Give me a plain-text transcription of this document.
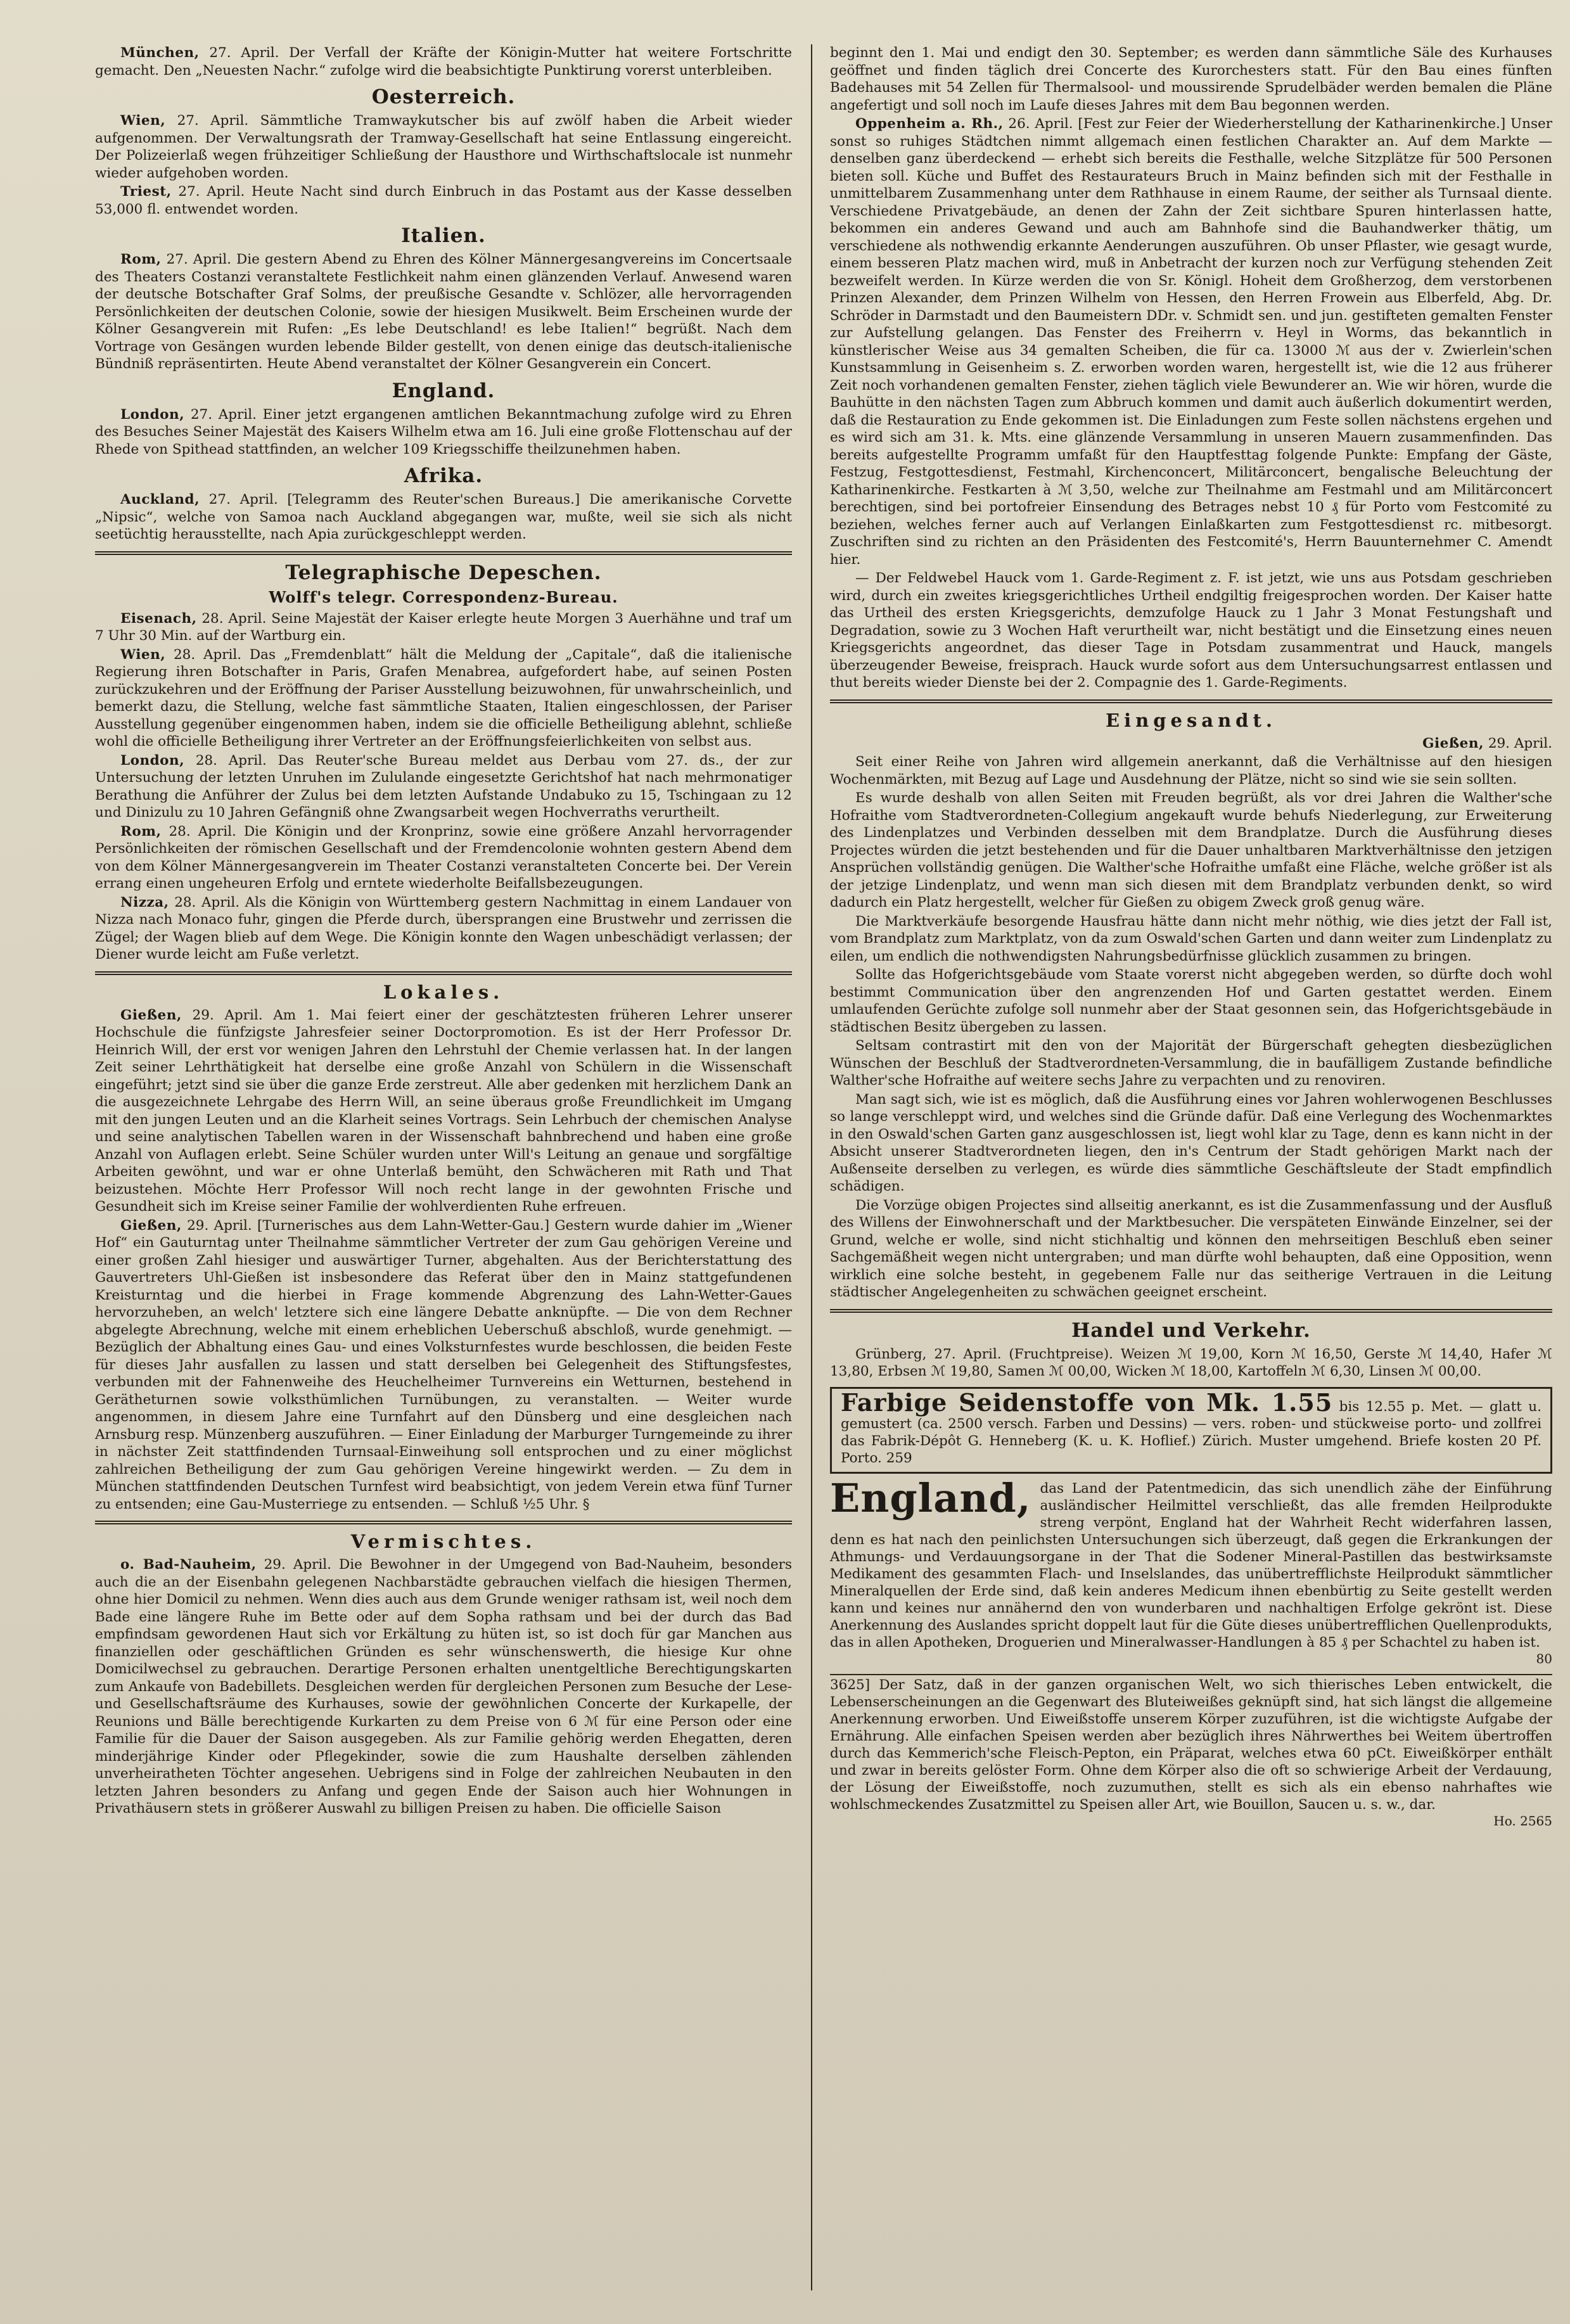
München, 27. April. Der Verfall der Kräfte der Königin-Mutter hat weitere Fortschritte gemacht. Den „Neuesten Nachr.“ zufolge wird die beabsichtigte Punktirung vorerst unterbleiben.

Oesterreich.

Wien, 27. April. Sämmtliche Tramwaykutscher bis auf zwölf haben die Arbeit wieder aufgenommen. Der Verwaltungsrath der Tramway-Gesellschaft hat seine Entlassung eingereicht. Der Polizeierlaß wegen frühzeitiger Schließung der Hausthore und Wirthschaftslocale ist nunmehr wieder aufgehoben worden.

Triest, 27. April. Heute Nacht sind durch Einbruch in das Postamt aus der Kasse desselben 53,000 fl. entwendet worden.

Italien.

Rom, 27. April. Die gestern Abend zu Ehren des Kölner Männergesangvereins im Concertsaale des Theaters Costanzi veranstaltete Festlichkeit nahm einen glänzenden Verlauf. Anwesend waren der deutsche Botschafter Graf Solms, der preußische Gesandte v. Schlözer, alle hervorragenden Persönlichkeiten der deutschen Colonie, sowie der hiesigen Musikwelt. Beim Erscheinen wurde der Kölner Gesangverein mit Rufen: „Es lebe Deutschland! es lebe Italien!“ begrüßt. Nach dem Vortrage von Gesängen wurden lebende Bilder gestellt, von denen einige das deutsch-italienische Bündniß repräsentirten. Heute Abend veranstaltet der Kölner Gesangverein ein Concert.

England.

London, 27. April. Einer jetzt ergangenen amtlichen Bekanntmachung zufolge wird zu Ehren des Besuches Seiner Majestät des Kaisers Wilhelm etwa am 16. Juli eine große Flottenschau auf der Rhede von Spithead stattfinden, an welcher 109 Kriegsschiffe theilzunehmen haben.

Afrika.

Auckland, 27. April. [Telegramm des Reuter'schen Bureaus.] Die amerikanische Corvette „Nipsic“, welche von Samoa nach Auckland abgegangen war, mußte, weil sie sich als nicht seetüchtig herausstellte, nach Apia zurückgeschleppt werden.

Telegraphische Depeschen.
Wolff's telegr. Correspondenz-Bureau.

Eisenach, 28. April. Seine Majestät der Kaiser erlegte heute Morgen 3 Auerhähne und traf um 7 Uhr 30 Min. auf der Wartburg ein.

Wien, 28. April. Das „Fremdenblatt“ hält die Meldung der „Capitale“, daß die italienische Regierung ihren Botschafter in Paris, Grafen Menabrea, aufgefordert habe, auf seinen Posten zurückzukehren und der Eröffnung der Pariser Ausstellung beizuwohnen, für unwahrscheinlich, und bemerkt dazu, die Stellung, welche fast sämmtliche Staaten, Italien eingeschlossen, der Pariser Ausstellung gegenüber eingenommen haben, indem sie die officielle Betheiligung ablehnt, schließe wohl die officielle Betheiligung ihrer Vertreter an der Eröffnungsfeierlichkeiten von selbst aus.

London, 28. April. Das Reuter'sche Bureau meldet aus Derbau vom 27. ds., der zur Untersuchung der letzten Unruhen im Zululande eingesetzte Gerichtshof hat nach mehrmonatiger Berathung die Anführer der Zulus bei dem letzten Aufstande Undabuko zu 15, Tschingaan zu 12 und Dinizulu zu 10 Jahren Gefängniß ohne Zwangsarbeit wegen Hochverraths verurtheilt.

Rom, 28. April. Die Königin und der Kronprinz, sowie eine größere Anzahl hervorragender Persönlichkeiten der römischen Gesellschaft und der Fremdencolonie wohnten gestern Abend dem von dem Kölner Männergesangverein im Theater Costanzi veranstalteten Concerte bei. Der Verein errang einen ungeheuren Erfolg und erntete wiederholte Beifallsbezeugungen.

Nizza, 28. April. Als die Königin von Württemberg gestern Nachmittag in einem Landauer von Nizza nach Monaco fuhr, gingen die Pferde durch, übersprangen eine Brustwehr und zerrissen die Zügel; der Wagen blieb auf dem Wege. Die Königin konnte den Wagen unbeschädigt verlassen; der Diener wurde leicht am Fuße verletzt.

Lokales.

Gießen, 29. April. Am 1. Mai feiert einer der geschätztesten früheren Lehrer unserer Hochschule die fünfzigste Jahresfeier seiner Doctorpromotion. Es ist der Herr Professor Dr. Heinrich Will, der erst vor wenigen Jahren den Lehrstuhl der Chemie verlassen hat. In der langen Zeit seiner Lehrthätigkeit hat derselbe eine große Anzahl von Schülern in die Wissenschaft eingeführt; jetzt sind sie über die ganze Erde zerstreut. Alle aber gedenken mit herzlichem Dank an die ausgezeichnete Lehrgabe des Herrn Will, an seine überaus große Freundlichkeit im Umgang mit den jungen Leuten und an die Klarheit seines Vortrags. Sein Lehrbuch der chemischen Analyse und seine analytischen Tabellen waren in der Wissenschaft bahnbrechend und haben eine große Anzahl von Auflagen erlebt. Seine Schüler wurden unter Will's Leitung an genaue und sorgfältige Arbeiten gewöhnt, und war er ohne Unterlaß bemüht, den Schwächeren mit Rath und That beizustehen. Möchte Herr Professor Will noch recht lange in der gewohnten Frische und Gesundheit sich im Kreise seiner Familie der wohlverdienten Ruhe erfreuen.

Gießen, 29. April. [Turnerisches aus dem Lahn-Wetter-Gau.] Gestern wurde dahier im „Wiener Hof“ ein Gauturntag unter Theilnahme sämmtlicher Vertreter der zum Gau gehörigen Vereine und einer großen Zahl hiesiger und auswärtiger Turner, abgehalten. Aus der Berichterstattung des Gauvertreters Uhl-Gießen ist insbesondere das Referat über den in Mainz stattgefundenen Kreisturntag und die hierbei in Frage kommende Abgrenzung des Lahn-Wetter-Gaues hervorzuheben, an welch' letztere sich eine längere Debatte anknüpfte. — Die von dem Rechner abgelegte Abrechnung, welche mit einem erheblichen Ueberschuß abschloß, wurde genehmigt. — Bezüglich der Abhaltung eines Gau- und eines Volksturnfestes wurde beschlossen, die beiden Feste für dieses Jahr ausfallen zu lassen und statt derselben bei Gelegenheit des Stiftungsfestes, verbunden mit der Fahnenweihe des Heuchelheimer Turnvereins ein Wetturnen, bestehend in Gerätheturnen sowie volksthümlichen Turnübungen, zu veranstalten. — Weiter wurde angenommen, in diesem Jahre eine Turnfahrt auf den Dünsberg und eine desgleichen nach Arnsburg resp. Münzenberg auszuführen. — Einer Einladung der Marburger Turngemeinde zu ihrer in nächster Zeit stattfindenden Turnsaal-Einweihung soll entsprochen und zu einer möglichst zahlreichen Betheiligung der zum Gau gehörigen Vereine hingewirkt werden. — Zu dem in München stattfindenden Deutschen Turnfest wird beabsichtigt, von jedem Verein etwa fünf Turner zu entsenden; eine Gau-Musterriege zu entsenden. — Schluß ½5 Uhr. §

Vermischtes.

o. Bad-Nauheim, 29. April. Die Bewohner in der Umgegend von Bad-Nauheim, besonders auch die an der Eisenbahn gelegenen Nachbarstädte gebrauchen vielfach die hiesigen Thermen, ohne hier Domicil zu nehmen. Wenn dies auch aus dem Grunde weniger rathsam ist, weil noch dem Bade eine längere Ruhe im Bette oder auf dem Sopha rathsam und bei der durch das Bad empfindsam gewordenen Haut sich vor Erkältung zu hüten ist, so ist doch für gar Manchen aus finanziellen oder geschäftlichen Gründen es sehr wünschenswerth, die hiesige Kur ohne Domicilwechsel zu gebrauchen. Derartige Personen erhalten unentgeltliche Berechtigungskarten zum Ankaufe von Badebillets. Desgleichen werden für dergleichen Personen zum Besuche der Lese- und Gesellschaftsräume des Kurhauses, sowie der gewöhnlichen Concerte der Kurkapelle, der Reunions und Bälle berechtigende Kurkarten zu dem Preise von 6 ℳ für eine Person oder eine Familie für die Dauer der Saison ausgegeben. Als zur Familie gehörig werden Ehegatten, deren minderjährige Kinder oder Pflegekinder, sowie die zum Haushalte derselben zählenden unverheiratheten Töchter angesehen. Uebrigens sind in Folge der zahlreichen Neubauten in den letzten Jahren besonders zu Anfang und gegen Ende der Saison auch hier Wohnungen in Privathäusern stets in größerer Auswahl zu billigen Preisen zu haben. Die officielle Saison

beginnt den 1. Mai und endigt den 30. September; es werden dann sämmtliche Säle des Kurhauses geöffnet und finden täglich drei Concerte des Kurorchesters statt. Für den Bau eines fünften Badehauses mit 54 Zellen für Thermalsool- und moussirende Sprudelbäder werden bemalen die Pläne angefertigt und soll noch im Laufe dieses Jahres mit dem Bau begonnen werden.

Oppenheim a. Rh., 26. April. [Fest zur Feier der Wiederherstellung der Katharinenkirche.] Unser sonst so ruhiges Städtchen nimmt allgemach einen festlichen Charakter an. Auf dem Markte — denselben ganz überdeckend — erhebt sich bereits die Festhalle, welche Sitzplätze für 500 Personen bieten soll. Küche und Buffet des Restaurateurs Bruch in Mainz befinden sich mit der Festhalle in unmittelbarem Zusammenhang unter dem Rathhause in einem Raume, der seither als Turnsaal diente. Verschiedene Privatgebäude, an denen der Zahn der Zeit sichtbare Spuren hinterlassen hatte, bekommen ein anderes Gewand und auch am Bahnhofe sind die Bauhandwerker thätig, um verschiedene als nothwendig erkannte Aenderungen auszuführen. Ob unser Pflaster, wie gesagt wurde, einem besseren Platz machen wird, muß in Anbetracht der kurzen noch zur Verfügung stehenden Zeit bezweifelt werden. In Kürze werden die von Sr. Königl. Hoheit dem Großherzog, dem verstorbenen Prinzen Alexander, dem Prinzen Wilhelm von Hessen, den Herren Frowein aus Elberfeld, Abg. Dr. Schröder in Darmstadt und den Baumeistern DDr. v. Schmidt sen. und jun. gestifteten gemalten Fenster zur Aufstellung gelangen. Das Fenster des Freiherrn v. Heyl in Worms, das bekanntlich in künstlerischer Weise aus 34 gemalten Scheiben, die für ca. 13000 ℳ aus der v. Zwierlein'schen Kunstsammlung in Geisenheim s. Z. erworben worden waren, hergestellt ist, wie die 12 aus früherer Zeit noch vorhandenen gemalten Fenster, ziehen täglich viele Bewunderer an. Wie wir hören, wurde die Bauhütte in den nächsten Tagen zum Abbruch kommen und damit auch äußerlich dokumentirt werden, daß die Restauration zu Ende gekommen ist. Die Einladungen zum Feste sollen nächstens ergehen und es wird sich am 31. k. Mts. eine glänzende Versammlung in unseren Mauern zusammenfinden. Das bereits aufgestellte Programm umfaßt für den Hauptfesttag folgende Punkte: Empfang der Gäste, Festzug, Festgottesdienst, Festmahl, Kirchenconcert, Militärconcert, bengalische Beleuchtung der Katharinenkirche. Festkarten à ℳ 3,50, welche zur Theilnahme am Festmahl und am Militärconcert berechtigen, sind bei portofreier Einsendung des Betrages nebst 10 ₰ für Porto vom Festcomité zu beziehen, welches ferner auch auf Verlangen Einlaßkarten zum Festgottesdienst rc. mitbesorgt. Zuschriften sind zu richten an den Präsidenten des Festcomité's, Herrn Bauunternehmer C. Amendt hier.

— Der Feldwebel Hauck vom 1. Garde-Regiment z. F. ist jetzt, wie uns aus Potsdam geschrieben wird, durch ein zweites kriegsgerichtliches Urtheil endgiltig freigesprochen worden. Der Kaiser hatte das Urtheil des ersten Kriegsgerichts, demzufolge Hauck zu 1 Jahr 3 Monat Festungshaft und Degradation, sowie zu 3 Wochen Haft verurtheilt war, nicht bestätigt und die Einsetzung eines neuen Kriegsgerichts angeordnet, das dieser Tage in Potsdam zusammentrat und Hauck, mangels überzeugender Beweise, freisprach. Hauck wurde sofort aus dem Untersuchungsarrest entlassen und thut bereits wieder Dienste bei der 2. Compagnie des 1. Garde-Regiments.

Eingesandt.

Gießen, 29. April.

Seit einer Reihe von Jahren wird allgemein anerkannt, daß die Verhältnisse auf den hiesigen Wochenmärkten, mit Bezug auf Lage und Ausdehnung der Plätze, nicht so sind wie sie sein sollten.

Es wurde deshalb von allen Seiten mit Freuden begrüßt, als vor drei Jahren die Walther'sche Hofraithe vom Stadtverordneten-Collegium angekauft wurde behufs Niederlegung, zur Erweiterung des Lindenplatzes und Verbinden desselben mit dem Brandplatze. Durch die Ausführung dieses Projectes würden die jetzt bestehenden und für die Dauer unhaltbaren Marktverhältnisse den jetzigen Ansprüchen vollständig genügen. Die Walther'sche Hofraithe umfaßt eine Fläche, welche größer ist als der jetzige Lindenplatz, und wenn man sich diesen mit dem Brandplatz verbunden denkt, so wird dadurch ein Platz hergestellt, welcher für Gießen zu obigem Zweck groß genug wäre.

Die Marktverkäufe besorgende Hausfrau hätte dann nicht mehr nöthig, wie dies jetzt der Fall ist, vom Brandplatz zum Marktplatz, von da zum Oswald'schen Garten und dann weiter zum Lindenplatz zu eilen, um endlich die nothwendigsten Nahrungsbedürfnisse glücklich zusammen zu bringen.

Sollte das Hofgerichtsgebäude vom Staate vorerst nicht abgegeben werden, so dürfte doch wohl bestimmt Communication über den angrenzenden Hof und Garten gestattet werden. Einem umlaufenden Gerüchte zufolge soll nunmehr aber der Staat gesonnen sein, das Hofgerichtsgebäude in städtischen Besitz übergeben zu lassen.

Seltsam contrastirt mit den von der Majorität der Bürgerschaft gehegten diesbezüglichen Wünschen der Beschluß der Stadtverordneten-Versammlung, die in baufälligem Zustande befindliche Walther'sche Hofraithe auf weitere sechs Jahre zu verpachten und zu renoviren.

Man sagt sich, wie ist es möglich, daß die Ausführung eines vor Jahren wohlerwogenen Beschlusses so lange verschleppt wird, und welches sind die Gründe dafür. Daß eine Verlegung des Wochenmarktes in den Oswald'schen Garten ganz ausgeschlossen ist, liegt wohl klar zu Tage, denn es kann nicht in der Absicht unserer Stadtverordneten liegen, den in's Centrum der Stadt gehörigen Markt nach der Außenseite derselben zu verlegen, es würde dies sämmtliche Geschäftsleute der Stadt empfindlich schädigen.

Die Vorzüge obigen Projectes sind allseitig anerkannt, es ist die Zusammenfassung und der Ausfluß des Willens der Einwohnerschaft und der Marktbesucher. Die verspäteten Einwände Einzelner, sei der Grund, welche er wolle, sind nicht stichhaltig und können den mehrseitigen Beschluß eben seiner Sachgemäßheit wegen nicht untergraben; und man dürfte wohl behaupten, daß eine Opposition, wenn wirklich eine solche besteht, in gegebenem Falle nur das seitherige Vertrauen in die Leitung städtischer Angelegenheiten zu schwächen geeignet erscheint.

Handel und Verkehr.

Grünberg, 27. April. (Fruchtpreise). Weizen ℳ 19,00, Korn ℳ 16,50, Gerste ℳ 14,40, Hafer ℳ 13,80, Erbsen ℳ 19,80, Samen ℳ 00,00, Wicken ℳ 18,00, Kartoffeln ℳ 6,30, Linsen ℳ 00,00.

Farbige Seidenstoffe von Mk. 1.55 bis 12.55 p. Met. — glatt u. gemustert (ca. 2500 versch. Farben und Dessins) — vers. roben- und stückweise porto- und zollfrei das Fabrik-Dépôt G. Henneberg (K. u. K. Hoflief.) Zürich. Muster umgehend. Briefe kosten 20 Pf. Porto. 259
England, das Land der Patentmedicin, das sich unendlich zähe der Einführung ausländischer Heilmittel verschließt, das alle fremden Heilprodukte streng verpönt, England hat der Wahrheit Recht widerfahren lassen, denn es hat nach den peinlichsten Untersuchungen sich überzeugt, daß gegen die Erkrankungen der Athmungs- und Verdauungsorgane in der That die Sodener Mineral-Pastillen das bestwirksamste Medikament des gesammten Flach- und Inselslandes, das unübertrefflichste Heilprodukt sämmtlicher Mineralquellen der Erde sind, daß kein anderes Medicum ihnen ebenbürtig zu Seite gestellt werden kann und keines nur annähernd den von wunderbaren und nachhaltigen Erfolge gekrönt ist. Diese Anerkennung des Auslandes spricht doppelt laut für die Güte dieses unübertrefflichen Quellenprodukts, das in allen Apotheken, Droguerien und Mineralwasser-Handlungen à 85 ₰ per Schachtel zu haben ist.

80

3625] Der Satz, daß in der ganzen organischen Welt, wo sich thierisches Leben entwickelt, die Lebenserscheinungen an die Gegenwart des Bluteiweißes geknüpft sind, hat sich längst die allgemeine Anerkennung erworben. Und Eiweißstoffe unserem Körper zuzuführen, ist die wichtigste Aufgabe der Ernährung. Alle einfachen Speisen werden aber bezüglich ihres Nährwerthes bei Weitem übertroffen durch das Kemmerich'sche Fleisch-Pepton, ein Präparat, welches etwa 60 pCt. Eiweißkörper enthält und zwar in bereits gelöster Form. Ohne dem Körper also die oft so schwierige Arbeit der Verdauung, der Lösung der Eiweißstoffe, noch zuzumuthen, stellt es sich als ein ebenso nahrhaftes wie wohlschmeckendes Zusatzmittel zu Speisen aller Art, wie Bouillon, Saucen u. s. w., dar.

Ho. 2565
